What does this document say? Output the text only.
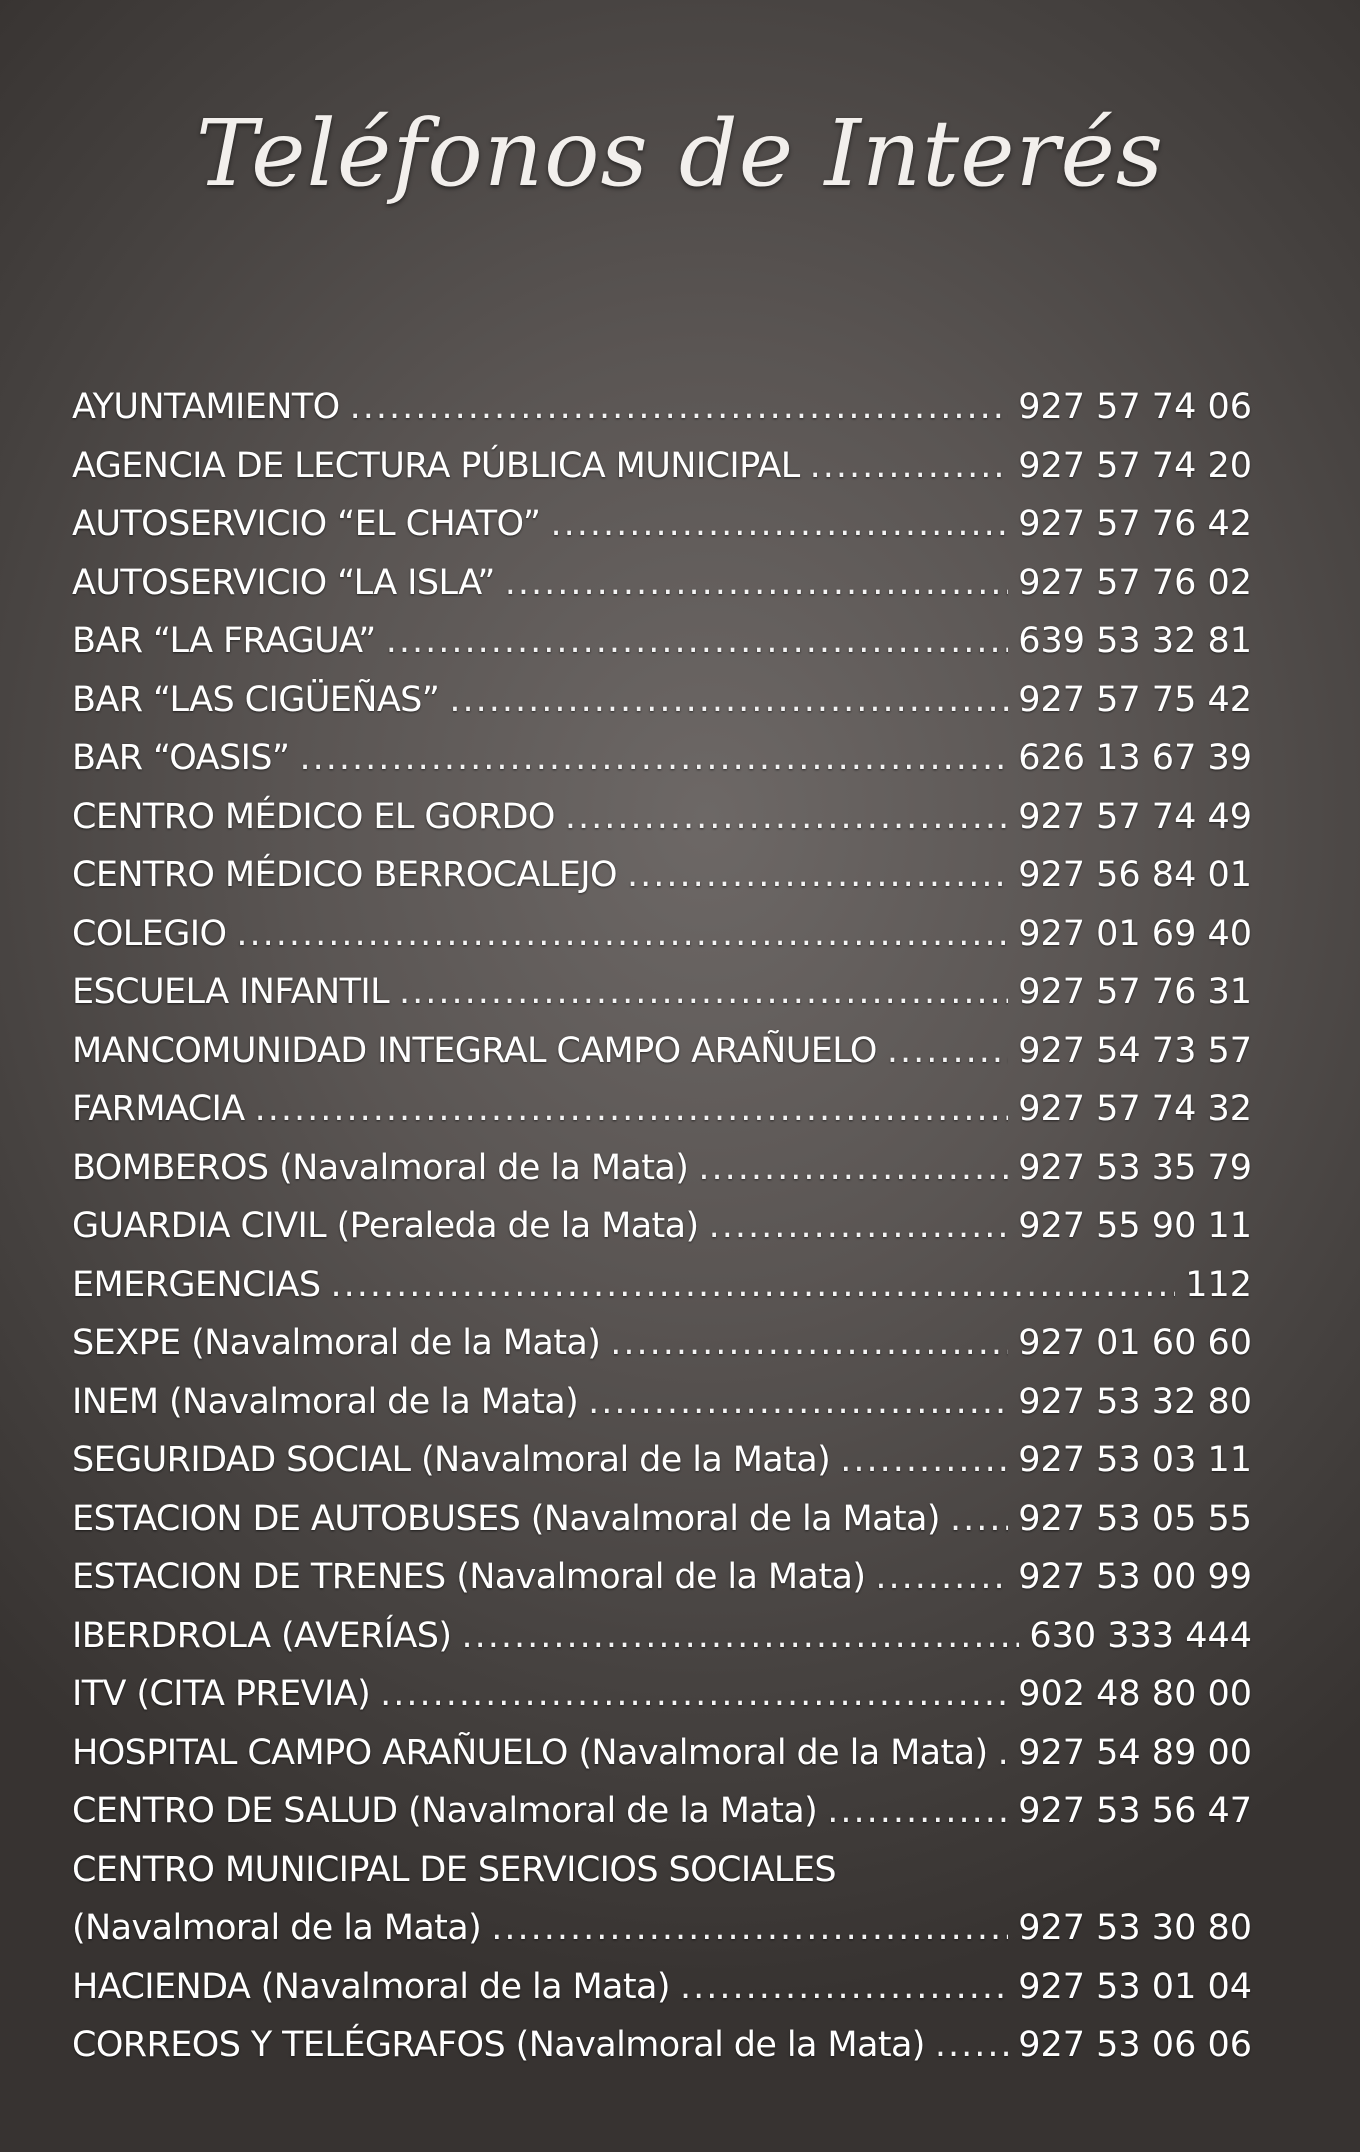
Teléfonos de Interés
AYUNTAMIENTO .....	927 57 74 06
AGENCIA DE LECTURA PÚBLICA MUNICIPAL .....	927 57 74 20
AUTOSERVICIO “EL CHATO” .....	927 57 76 42
AUTOSERVICIO “LA ISLA” .....	927 57 76 02
BAR “LA FRAGUA” .....	639 53 32 81
BAR “LAS CIGÜEÑAS” .....	927 57 75 42
BAR “OASIS” .....	626 13 67 39
CENTRO MÉDICO EL GORDO .....	927 57 74 49
CENTRO MÉDICO BERROCALEJO .....	927 56 84 01
COLEGIO .....	927 01 69 40
ESCUELA INFANTIL .....	927 57 76 31
MANCOMUNIDAD INTEGRAL CAMPO ARAÑUELO .....	927 54 73 57
FARMACIA .....	927 57 74 32
BOMBEROS (Navalmoral de la Mata) .....	927 53 35 79
GUARDIA CIVIL (Peraleda de la Mata) .....	927 55 90 11
EMERGENCIAS .....	112
SEXPE (Navalmoral de la Mata) .....	927 01 60 60
INEM (Navalmoral de la Mata) .....	927 53 32 80
SEGURIDAD SOCIAL (Navalmoral de la Mata) .....	927 53 03 11
ESTACION DE AUTOBUSES (Navalmoral de la Mata) ..... 927 53 05 55
ESTACION DE TRENES (Navalmoral de la Mata) .....	927 53 00 99
IBERDROLA (AVERÍAS) .....	630 333 444
ITV (CITA PREVIA) .....	902 48 80 00
HOSPITAL CAMPO ARAÑUELO (Navalmoral de la Mata) ..... 927 54 89 00
CENTRO DE SALUD (Navalmoral de la Mata) .....	927 53 56 47
CENTRO MUNICIPAL DE SERVICIOS SOCIALES
(Navalmoral de la Mata) .....	927 53 30 80
HACIENDA (Navalmoral de la Mata) .....	927 53 01 04
CORREOS Y TELÉGRAFOS (Navalmoral de la Mata) .....	927 53 06 06
